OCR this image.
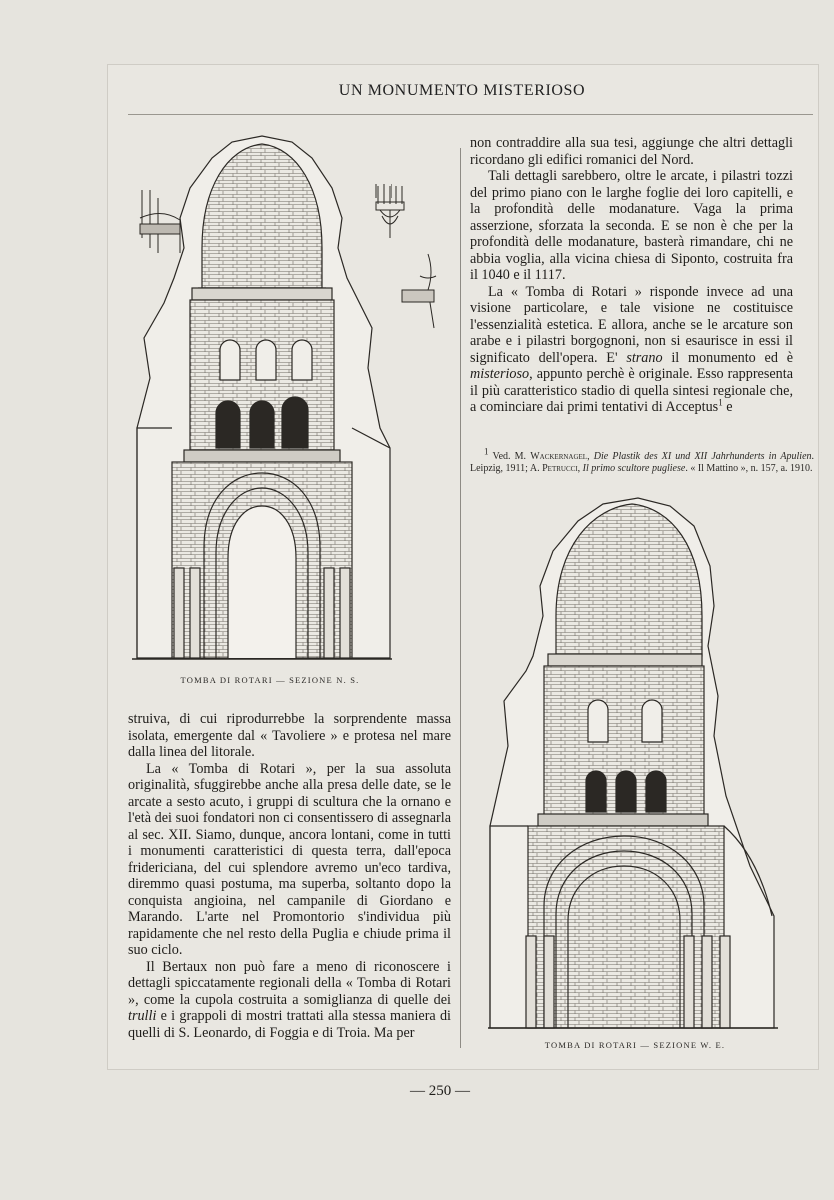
UN MONUMENTO MISTERIOSO

non contraddire alla sua tesi, aggiunge che altri dettagli ricordano gli edifici romanici del Nord.

Tali dettagli sarebbero, oltre le arcate, i pilastri tozzi del primo piano con le larghe foglie dei loro capitelli, e la profondità delle modanature. Vaga la prima asserzione, sforzata la seconda. E se non è che per la profondità delle modanature, basterà rimandare, chi ne abbia voglia, alla vicina chiesa di Siponto, costruita fra il 1040 e il 1117.

La « Tomba di Rotari » risponde invece ad una visione particolare, e tale visione ne costituisce l'essenzialità estetica. E allora, anche se le arcature son arabe e i pilastri borgognoni, non si esaurisce in essi il significato dell'opera. E' strano il monumento ed è misterioso, appunto perchè è originale. Esso rappresenta il più caratteristico stadio di quella sintesi regionale che, a cominciare dai primi tentativi di Acceptus$^1$ e

1 Ved. M. Wackernagel, Die Plastik des XI und XII Jahrhunderts in Apulien. Leipzig, 1911; A. Petrucci, Il primo scultore pugliese. « Il Mattino », n. 157, a. 1910.

TOMBA DI ROTARI — SEZIONE N. S.
TOMBA DI ROTARI — SEZIONE W. E.

struiva, di cui riprodurrebbe la sorprendente massa isolata, emergente dal « Tavoliere » e protesa nel mare dalla linea del litorale.

La « Tomba di Rotari », per la sua assoluta originalità, sfuggirebbe anche alla presa delle date, se le arcate a sesto acuto, i gruppi di scultura che la ornano e l'età dei suoi fondatori non ci consentissero di assegnarla al sec. XII. Siamo, dunque, ancora lontani, come in tutti i monumenti caratteristici di questa terra, dall'epoca fridericiana, del cui splendore avremo un'eco tardiva, diremmo quasi postuma, ma superba, soltanto dopo la conquista angioina, nel campanile di Giordano e Marando. L'arte nel Promontorio s'individua più rapidamente che nel resto della Puglia e chiude prima il suo ciclo.

Il Bertaux non può fare a meno di riconoscere i dettagli spiccatamente regionali della « Tomba di Rotari », come la cupola costruita a somiglianza di quelle dei trulli e i grappoli di mostri trattati alla stessa maniera di quelli di S. Leonardo, di Foggia e di Troia. Ma per

— 250 —
